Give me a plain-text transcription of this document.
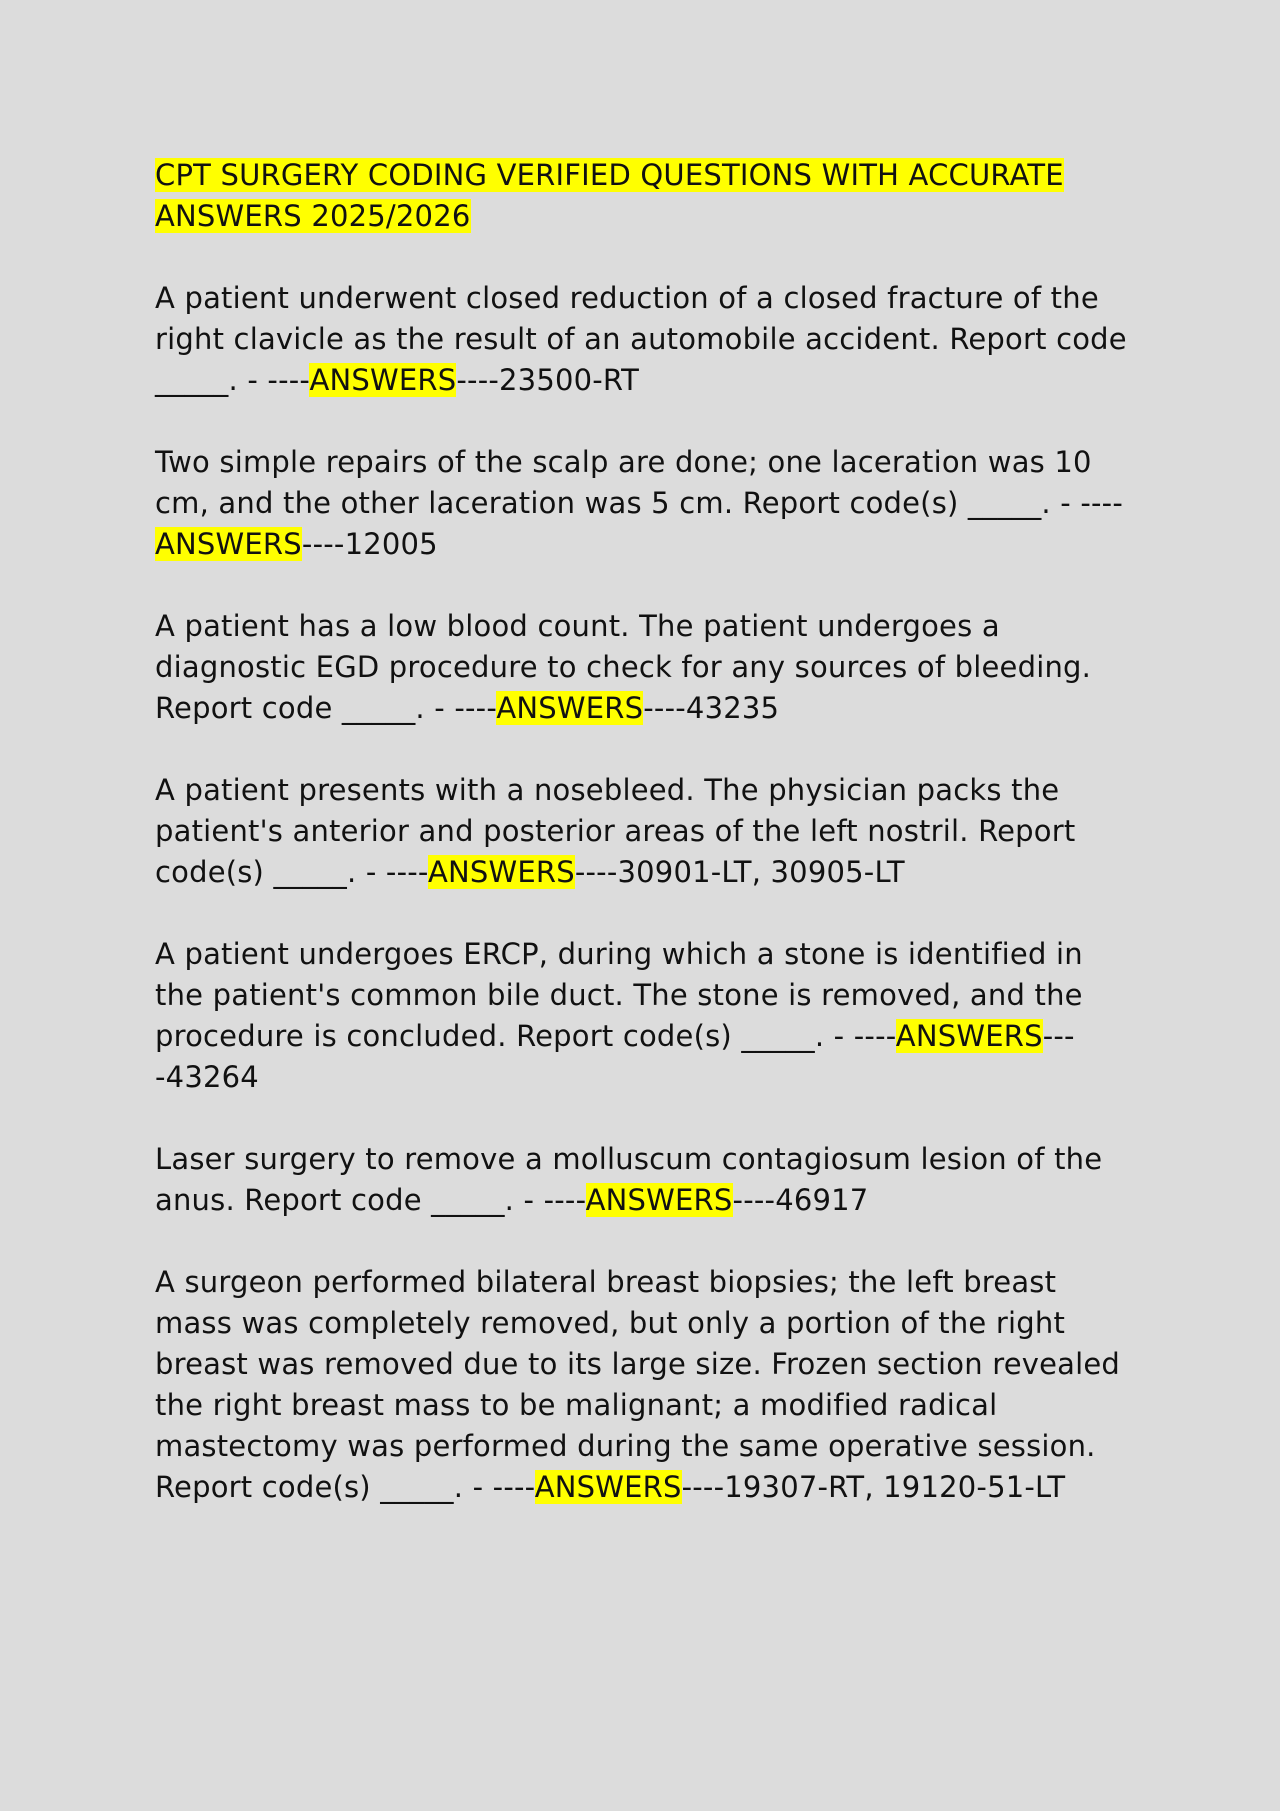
CPT SURGERY CODING VERIFIED QUESTIONS WITH ACCURATE ANSWERS 2025/2026

A patient underwent closed reduction of a closed fracture of the right clavicle as the result of an automobile accident. Report code _____. - ----ANSWERS----23500-RT

Two simple repairs of the scalp are done; one laceration was 10 cm, and the other laceration was 5 cm. Report code(s) _____. - ----ANSWERS----12005

A patient has a low blood count. The patient undergoes a diagnostic EGD procedure to check for any sources of bleeding. Report code _____. - ----ANSWERS----43235

A patient presents with a nosebleed. The physician packs the patient's anterior and posterior areas of the left nostril. Report code(s) _____. - ----ANSWERS----30901-LT, 30905-LT

A patient undergoes ERCP, during which a stone is identified in the patient's common bile duct. The stone is removed, and the procedure is concluded. Report code(s) _____. - ----ANSWERS----43264

Laser surgery to remove a molluscum contagiosum lesion of the anus. Report code _____. - ----ANSWERS----46917

A surgeon performed bilateral breast biopsies; the left breast mass was completely removed, but only a portion of the right breast was removed due to its large size. Frozen section revealed the right breast mass to be malignant; a modified radical mastectomy was performed during the same operative session. Report code(s) _____. - ----ANSWERS----19307-RT, 19120-51-LT
